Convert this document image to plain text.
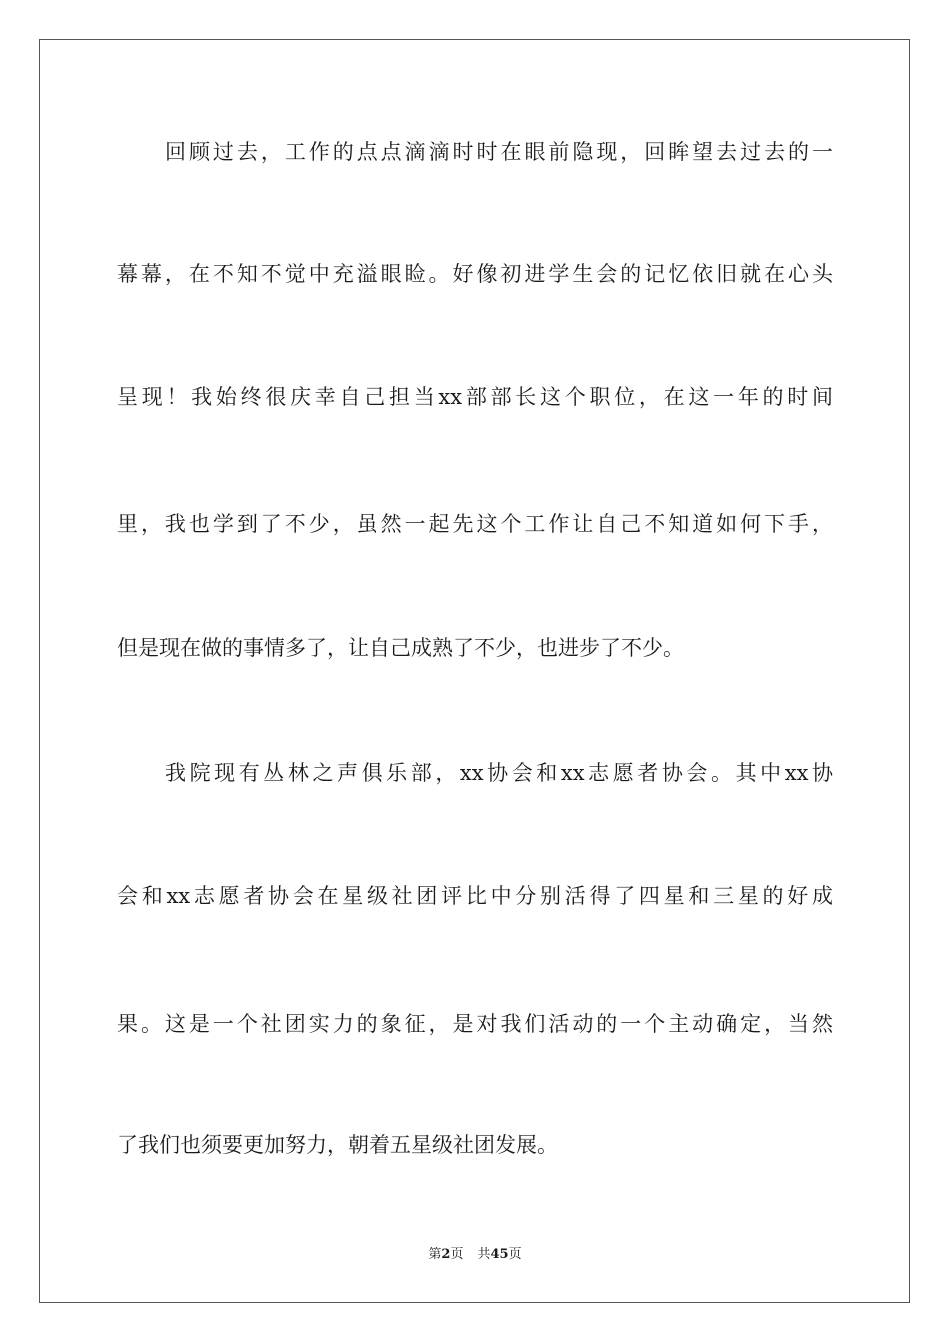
回顾过去，工作的点点滴滴时时在眼前隐现，回眸望去过去的一
幕幕，在不知不觉中充溢眼睑。好像初进学生会的记忆依旧就在心头
呈现！我始终很庆幸自己担当xx部部长这个职位，在这一年的时间
里，我也学到了不少，虽然一起先这个工作让自己不知道如何下手，
但是现在做的事情多了，让自己成熟了不少，也进步了不少。
我院现有丛林之声俱乐部，xx协会和xx志愿者协会。其中xx协
会和xx志愿者协会在星级社团评比中分别活得了四星和三星的好成
果。这是一个社团实力的象征，是对我们活动的一个主动确定，当然
了我们也须要更加努力，朝着五星级社团发展。
第2页 共45页
